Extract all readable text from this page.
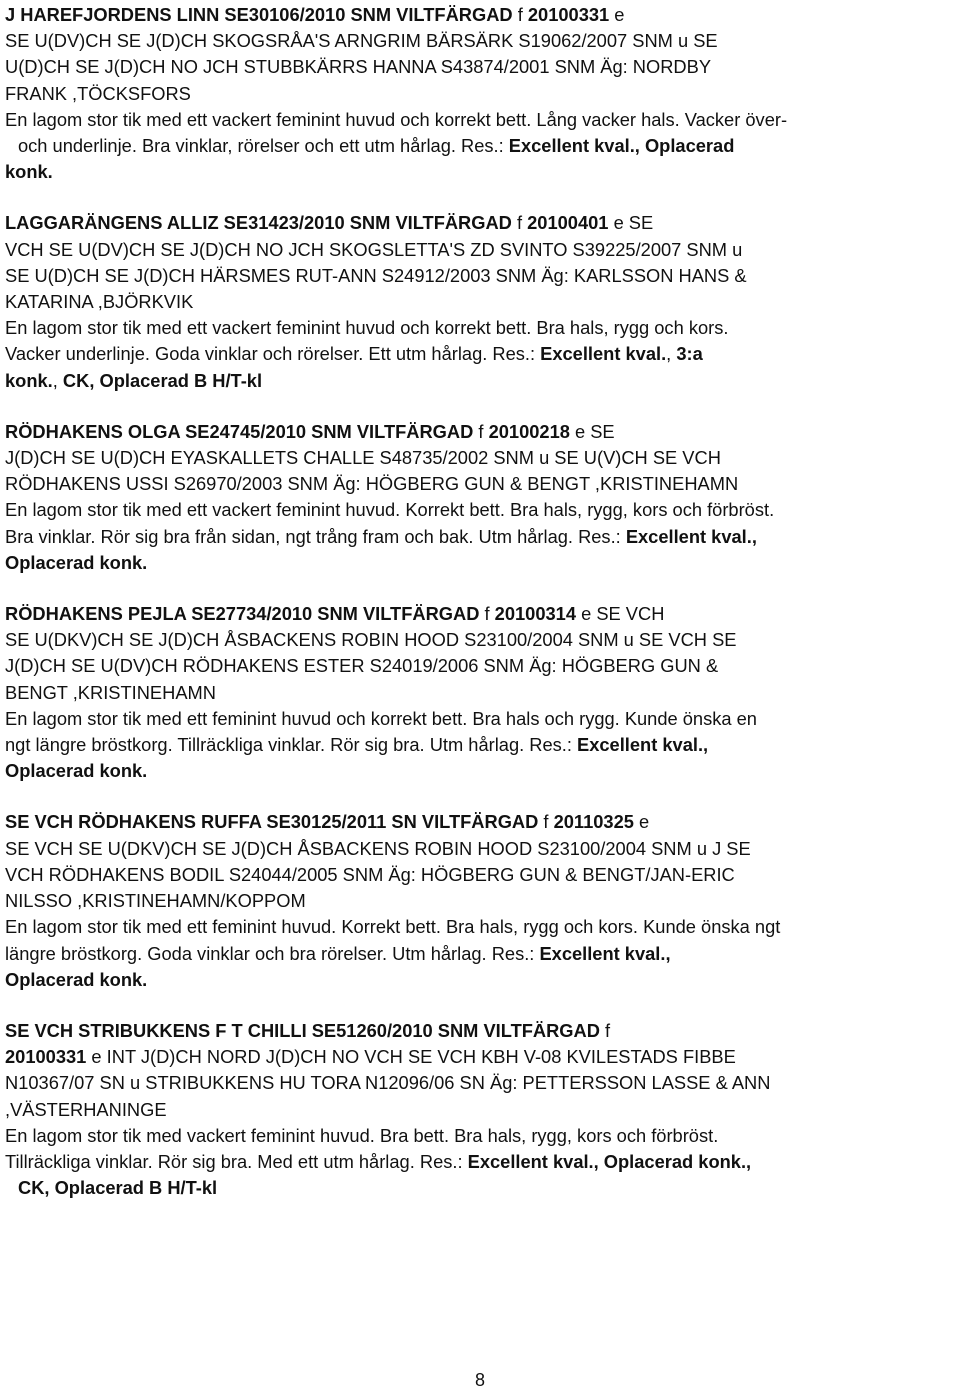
J HAREFJORDENS LINN SE30106/2010 SNM VILTFÄRGAD f 20100331 e
SE U(DV)CH SE J(D)CH SKOGSRÅA'S ARNGRIM BÄRSÄRK S19062/2007 SNM u SE
U(D)CH SE J(D)CH NO JCH STUBBKÄRRS HANNA S43874/2001 SNM Äg: NORDBY
FRANK ,TÖCKSFORS
En lagom stor tik med ett vackert feminint huvud och korrekt bett. Lång vacker hals. Vacker över-
och underlinje. Bra vinklar, rörelser och ett utm hårlag. Res.: Excellent kval., Oplacerad
konk.
LAGGARÄNGENS ALLIZ SE31423/2010 SNM VILTFÄRGAD f 20100401 e SE
VCH SE U(DV)CH SE J(D)CH NO JCH SKOGSLETTA'S ZD SVINTO S39225/2007 SNM u
SE U(D)CH SE J(D)CH HÄRSMES RUT-ANN S24912/2003 SNM Äg: KARLSSON HANS &
KATARINA ,BJÖRKVIK
En lagom stor tik med ett vackert feminint huvud och korrekt bett. Bra hals, rygg och kors.
Vacker underlinje. Goda vinklar och rörelser. Ett utm hårlag. Res.: Excellent kval., 3:a
konk., CK, Oplacerad B H/T-kl
RÖDHAKENS OLGA SE24745/2010 SNM VILTFÄRGAD f 20100218 e SE
J(D)CH SE U(D)CH EYASKALLETS CHALLE S48735/2002 SNM u SE U(V)CH SE VCH
RÖDHAKENS USSI S26970/2003 SNM Äg: HÖGBERG GUN & BENGT ,KRISTINEHAMN
En lagom stor tik med ett vackert feminint huvud. Korrekt bett. Bra hals, rygg, kors och förbröst.
Bra vinklar. Rör sig bra från sidan, ngt trång fram och bak. Utm hårlag. Res.: Excellent kval.,
Oplacerad konk.
RÖDHAKENS PEJLA SE27734/2010 SNM VILTFÄRGAD f 20100314 e SE VCH
SE U(DKV)CH SE J(D)CH ÅSBACKENS ROBIN HOOD S23100/2004 SNM u SE VCH SE
J(D)CH SE U(DV)CH RÖDHAKENS ESTER S24019/2006 SNM Äg: HÖGBERG GUN &
BENGT ,KRISTINEHAMN
En lagom stor tik med ett feminint huvud och korrekt bett. Bra hals och rygg. Kunde önska en
ngt längre bröstkorg. Tillräckliga vinklar. Rör sig bra. Utm hårlag. Res.: Excellent kval.,
Oplacerad konk.
SE VCH RÖDHAKENS RUFFA SE30125/2011 SN VILTFÄRGAD f 20110325 e
SE VCH SE U(DKV)CH SE J(D)CH ÅSBACKENS ROBIN HOOD S23100/2004 SNM u J SE
VCH RÖDHAKENS BODIL S24044/2005 SNM Äg: HÖGBERG GUN & BENGT/JAN-ERIC
NILSSO ,KRISTINEHAMN/KOPPOM
En lagom stor tik med ett feminint huvud. Korrekt bett. Bra hals, rygg och kors. Kunde önska ngt
längre bröstkorg. Goda vinklar och bra rörelser. Utm hårlag. Res.: Excellent kval.,
Oplacerad konk.
SE VCH STRIBUKKENS F T CHILLI SE51260/2010 SNM VILTFÄRGAD f
20100331 e INT J(D)CH NORD J(D)CH NO VCH SE VCH KBH V-08 KVILESTADS FIBBE
N10367/07 SN u STRIBUKKENS HU TORA N12096/06 SN Äg: PETTERSSON LASSE & ANN
,VÄSTERHANINGE
En lagom stor tik med vackert feminint huvud. Bra bett. Bra hals, rygg, kors och förbröst.
Tillräckliga vinklar. Rör sig bra. Med ett utm hårlag. Res.: Excellent kval., Oplacerad konk.,
CK, Oplacerad B H/T-kl
8
